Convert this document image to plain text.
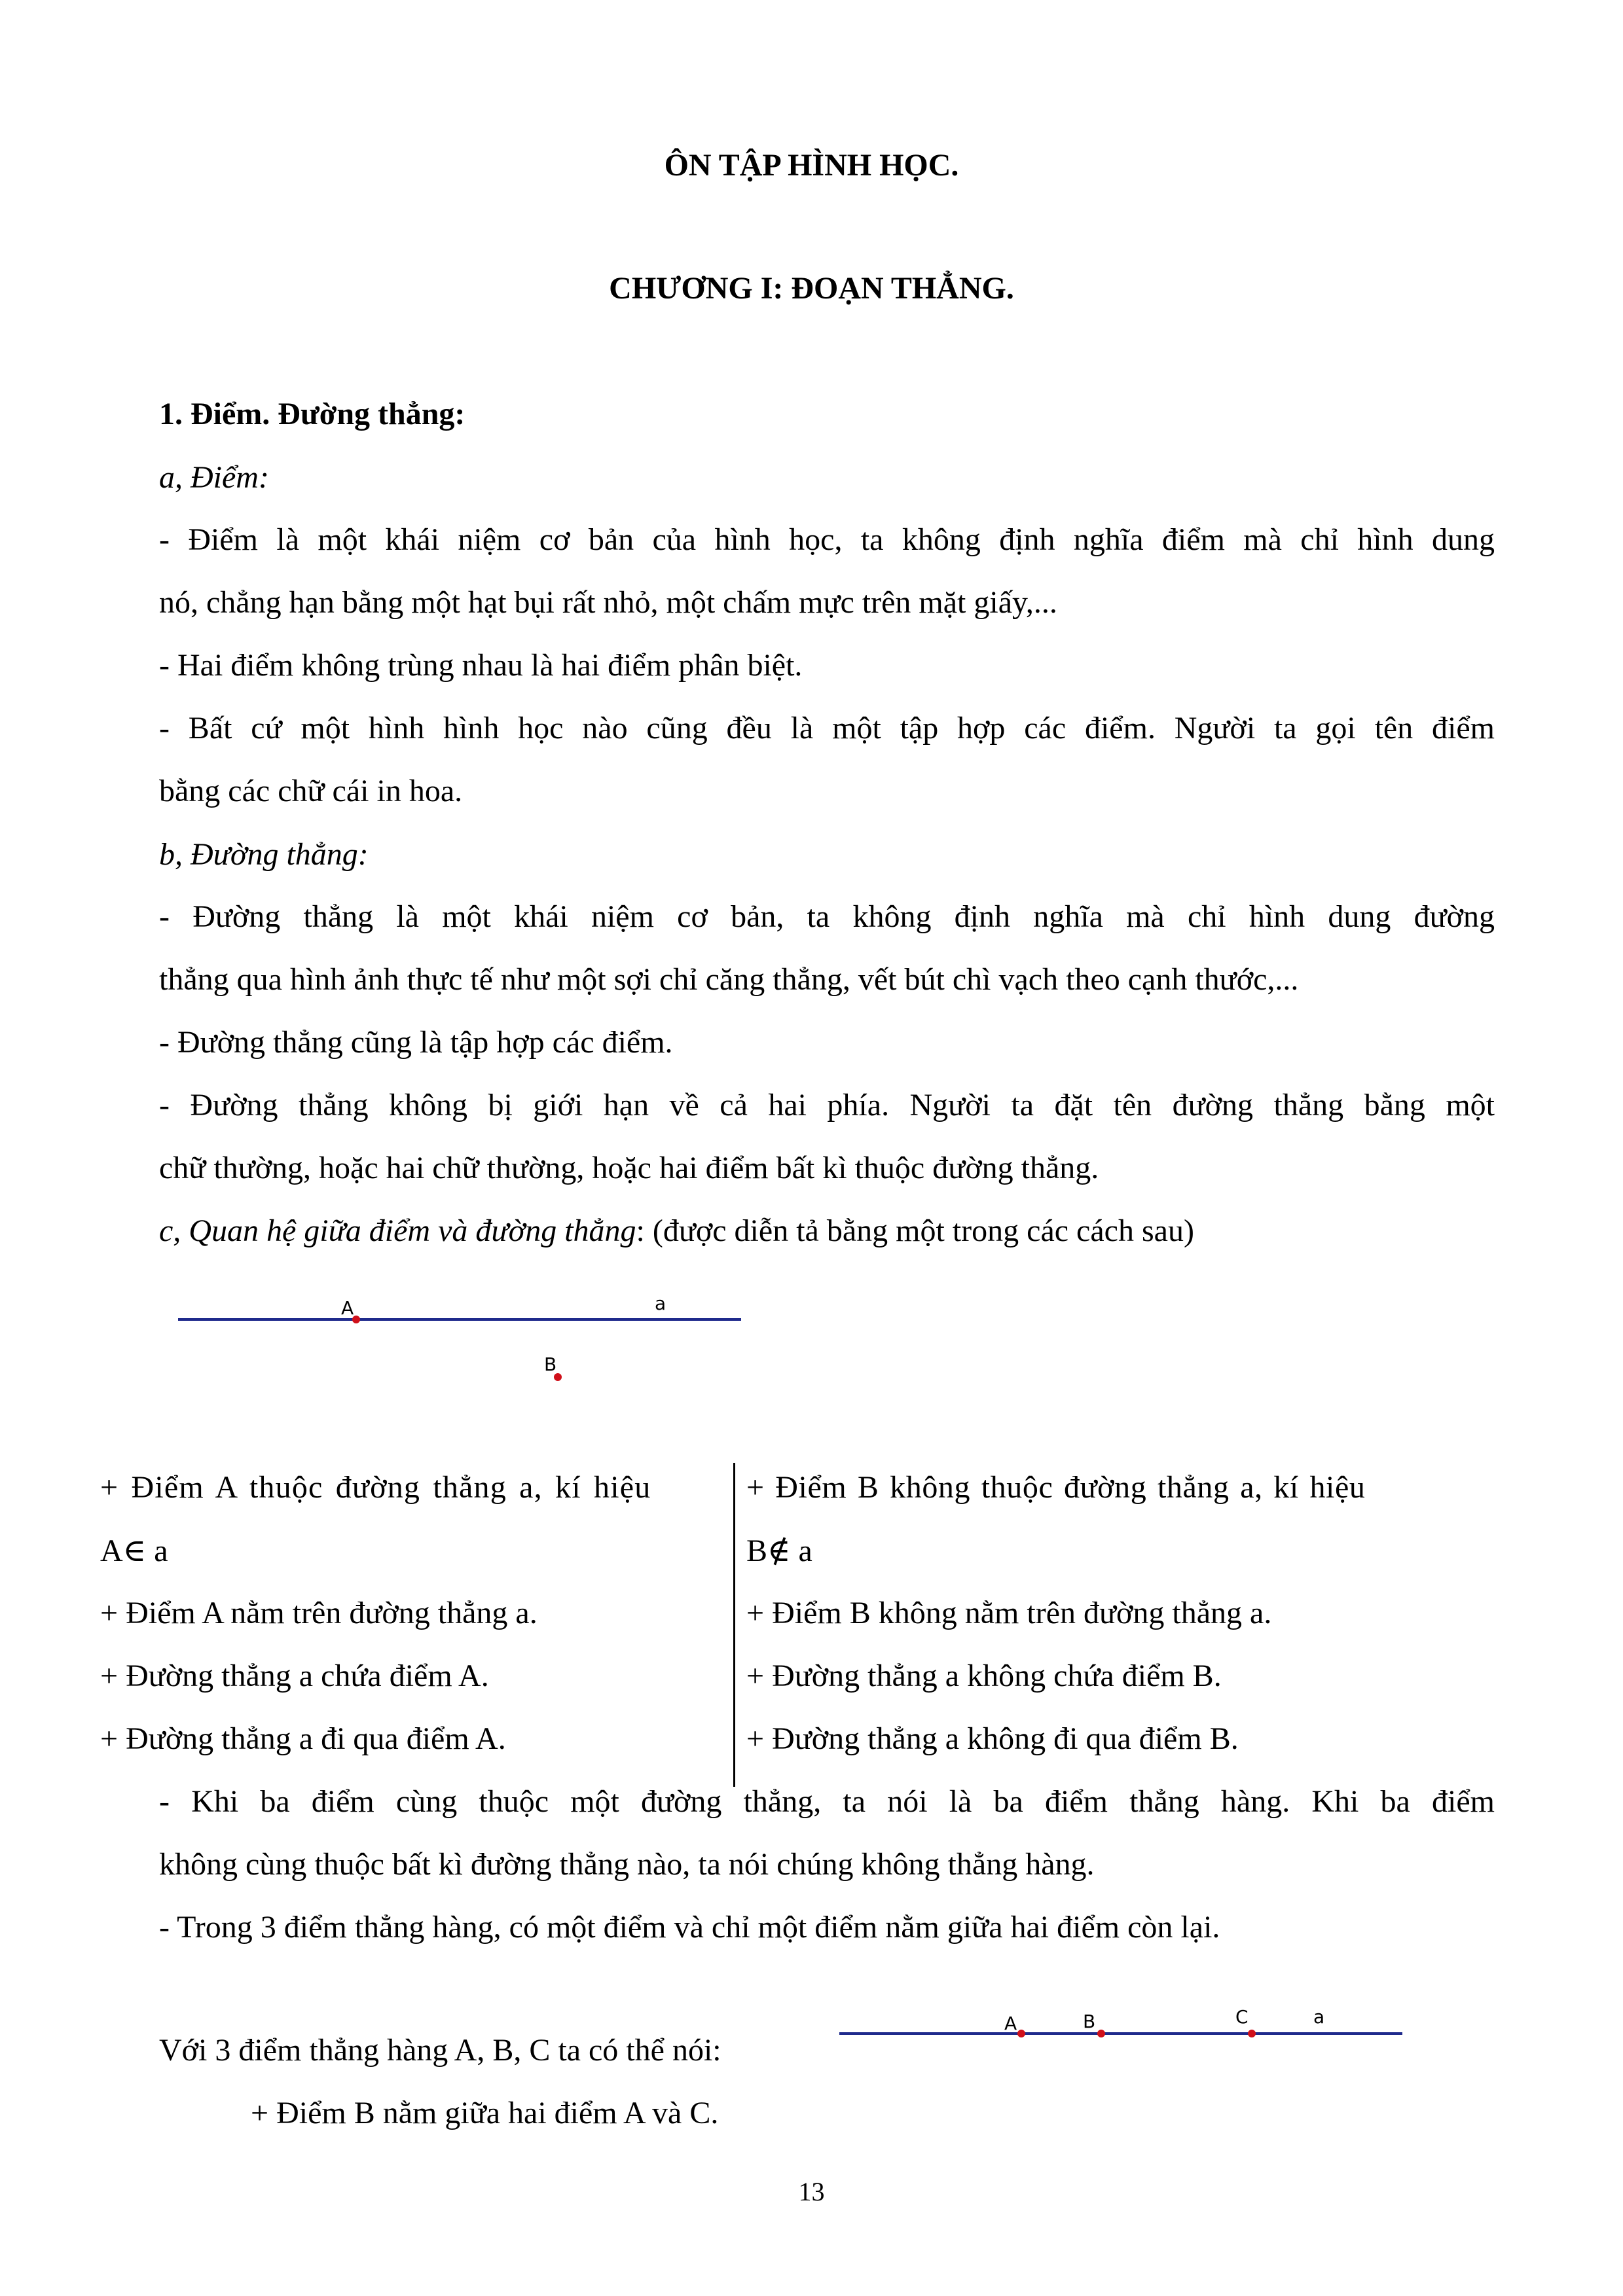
ÔN TẬP HÌNH HỌC.
CHƯƠNG I: ĐOẠN THẲNG.
1. Điểm. Đường thẳng:
a, Điểm:
- Điểm là một khái niệm cơ bản của hình học, ta không định nghĩa điểm mà chỉ hình dung
nó, chẳng hạn bằng một hạt bụi rất nhỏ, một chấm mực trên mặt giấy,...
- Hai điểm không trùng nhau là hai điểm phân biệt.
- Bất cứ một hình hình học nào cũng đều là một tập hợp các điểm. Người ta gọi tên điểm
bằng các chữ cái in hoa.
b, Đường thẳng:
- Đường thẳng là một khái niệm cơ bản, ta không định nghĩa mà chỉ hình dung đường
thẳng qua hình ảnh thực tế như một sợi chỉ căng thẳng, vết bút chì vạch theo cạnh thước,...
- Đường thẳng cũng là tập hợp các điểm.
- Đường thẳng không bị giới hạn về cả hai phía. Người ta đặt tên đường thẳng bằng một
chữ thường, hoặc hai chữ thường, hoặc hai điểm bất kì thuộc đường thẳng.
c, Quan hệ giữa điểm và đường thẳng: (được diễn tả bằng một trong các cách sau)
A	a
B
+ Điểm A thuộc đường thẳng a, kí hiệu
A∈ a
+ Điểm A nằm trên đường thẳng a.
+ Đường thẳng a chứa điểm A.
+ Đường thẳng a đi qua điểm A.
+ Điểm B không thuộc đường thẳng a, kí hiệu
B∉ a
+ Điểm B không nằm trên đường thẳng a.
+ Đường thẳng a không chứa điểm B.
+ Đường thẳng a không đi qua điểm B.
- Khi ba điểm cùng thuộc một đường thẳng, ta nói là ba điểm thẳng hàng. Khi ba điểm
không cùng thuộc bất kì đường thẳng nào, ta nói chúng không thẳng hàng.
- Trong 3 điểm thẳng hàng, có một điểm và chỉ một điểm nằm giữa hai điểm còn lại.
Với 3 điểm thẳng hàng A, B, C ta có thể nói:
+ Điểm B nằm giữa hai điểm A và C.
A	B	C	a
13
